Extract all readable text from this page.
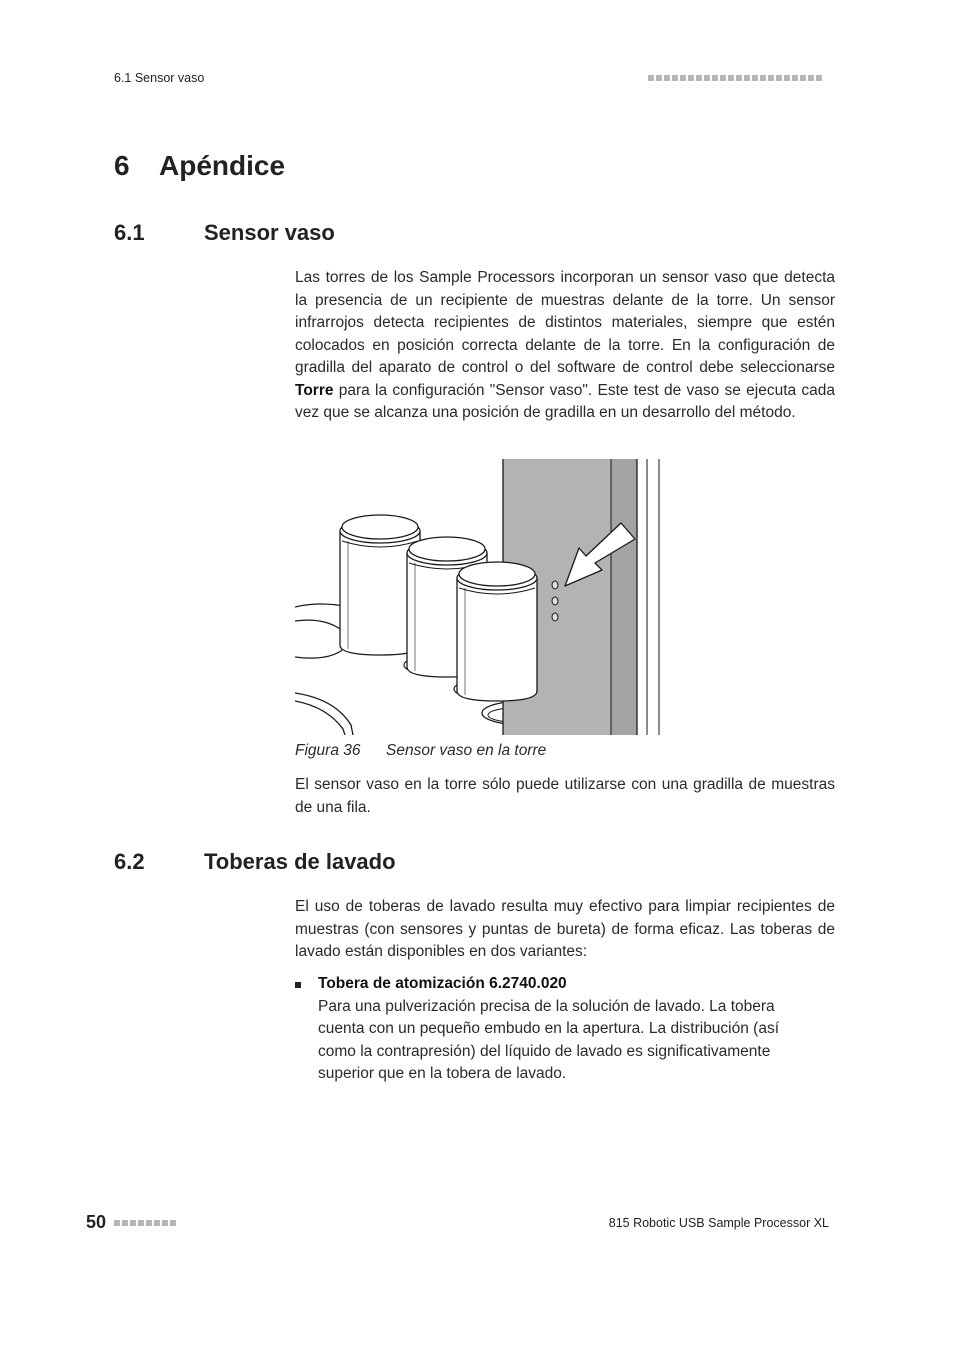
6.1 Sensor vaso
6 Apéndice
6.1	Sensor vaso

Las torres de los Sample Processors incorporan un sensor vaso que detecta la presencia de un recipiente de muestras delante de la torre. Un sensor infrarrojos detecta recipientes de distintos materiales, siempre que estén colocados en posición correcta delante de la torre. En la configuración de gradilla del aparato de control o del software de control debe seleccionarse Torre para la configuración "Sensor vaso". Este test de vaso se ejecuta cada vez que se alcanza una posición de gradilla en un desarrollo del método.

Figura 36 Sensor vaso en la torre

El sensor vaso en la torre sólo puede utilizarse con una gradilla de muestras de una fila.

6.2	Toberas de lavado

El uso de toberas de lavado resulta muy efectivo para limpiar recipientes de muestras (con sensores y puntas de bureta) de forma eficaz. Las toberas de lavado están disponibles en dos variantes:

Tobera de atomización 6.2740.020

Para una pulverización precisa de la solución de lavado. La tobera cuenta con un pequeño embudo en la apertura. La distribución (así como la contrapresión) del líquido de lavado es significativamente superior que en la tobera de lavado.

50	815 Robotic USB Sample Processor XL
